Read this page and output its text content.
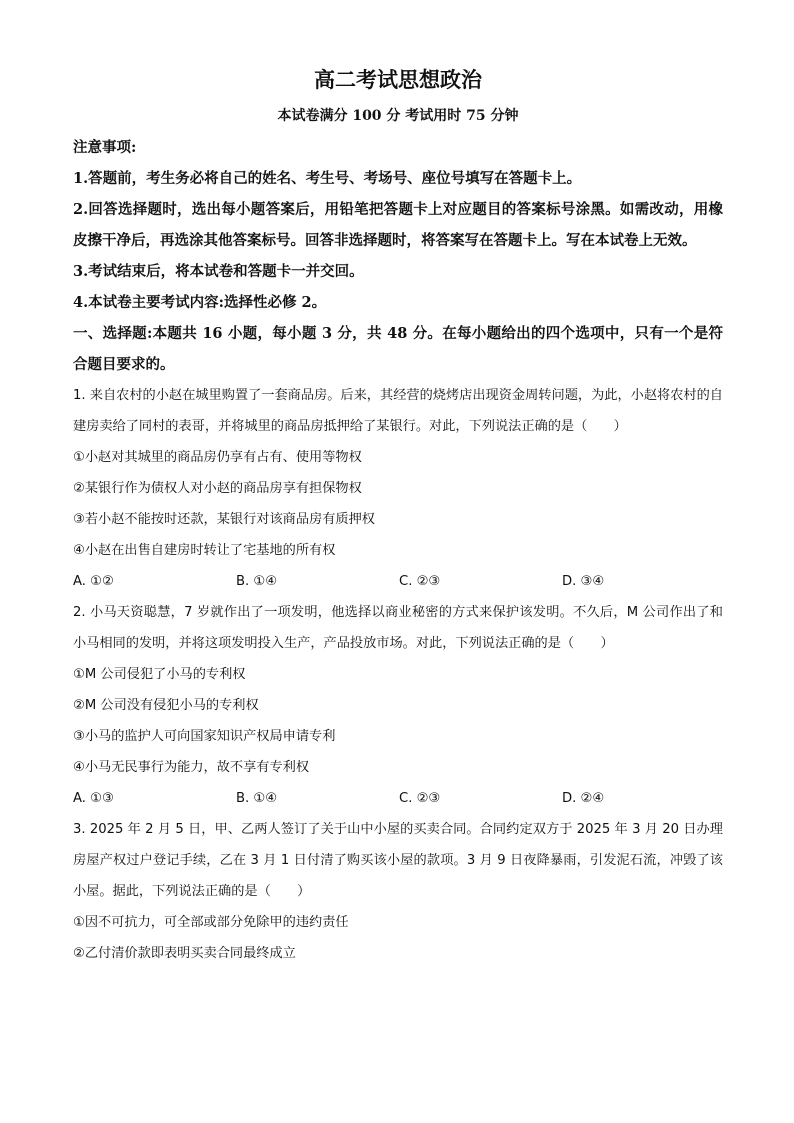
高二考试思想政治
本试卷满分 100 分 考试用时 75 分钟
注意事项:
1.答题前，考生务必将自己的姓名、考生号、考场号、座位号填写在答题卡上。
2.回答选择题时，选出每小题答案后，用铅笔把答题卡上对应题目的答案标号涂黑。如需改动，用橡皮擦干净后，再选涂其他答案标号。回答非选择题时，将答案写在答题卡上。写在本试卷上无效。
3.考试结束后，将本试卷和答题卡一并交回。
4.本试卷主要考试内容:选择性必修 2。
一、选择题:本题共 16 小题，每小题 3 分，共 48 分。在每小题给出的四个选项中，只有一个是符合题目要求的。
1. 来自农村的小赵在城里购置了一套商品房。后来，其经营的烧烤店出现资金周转问题，为此，小赵将农村的自建房卖给了同村的表哥，并将城里的商品房抵押给了某银行。对此，下列说法正确的是（　　）
①小赵对其城里的商品房仍享有占有、使用等物权
②某银行作为债权人对小赵的商品房享有担保物权
③若小赵不能按时还款，某银行对该商品房有质押权
④小赵在出售自建房时转让了宅基地的所有权
A. ①②	B. ①④	C. ②③	D. ③④
2. 小马天资聪慧，7 岁就作出了一项发明，他选择以商业秘密的方式来保护该发明。不久后，M 公司作出了和小马相同的发明，并将这项发明投入生产，产品投放市场。对此，下列说法正确的是（　　）
①M 公司侵犯了小马的专利权
②M 公司没有侵犯小马的专利权
③小马的监护人可向国家知识产权局申请专利
④小马无民事行为能力，故不享有专利权
A. ①③	B. ①④	C. ②③	D. ②④
3. 2025 年 2 月 5 日，甲、乙两人签订了关于山中小屋的买卖合同。合同约定双方于 2025 年 3 月 20 日办理房屋产权过户登记手续，乙在 3 月 1 日付清了购买该小屋的款项。3 月 9 日夜降暴雨，引发泥石流，冲毁了该小屋。据此，下列说法正确的是（　　）
①因不可抗力，可全部或部分免除甲的违约责任
②乙付清价款即表明买卖合同最终成立
